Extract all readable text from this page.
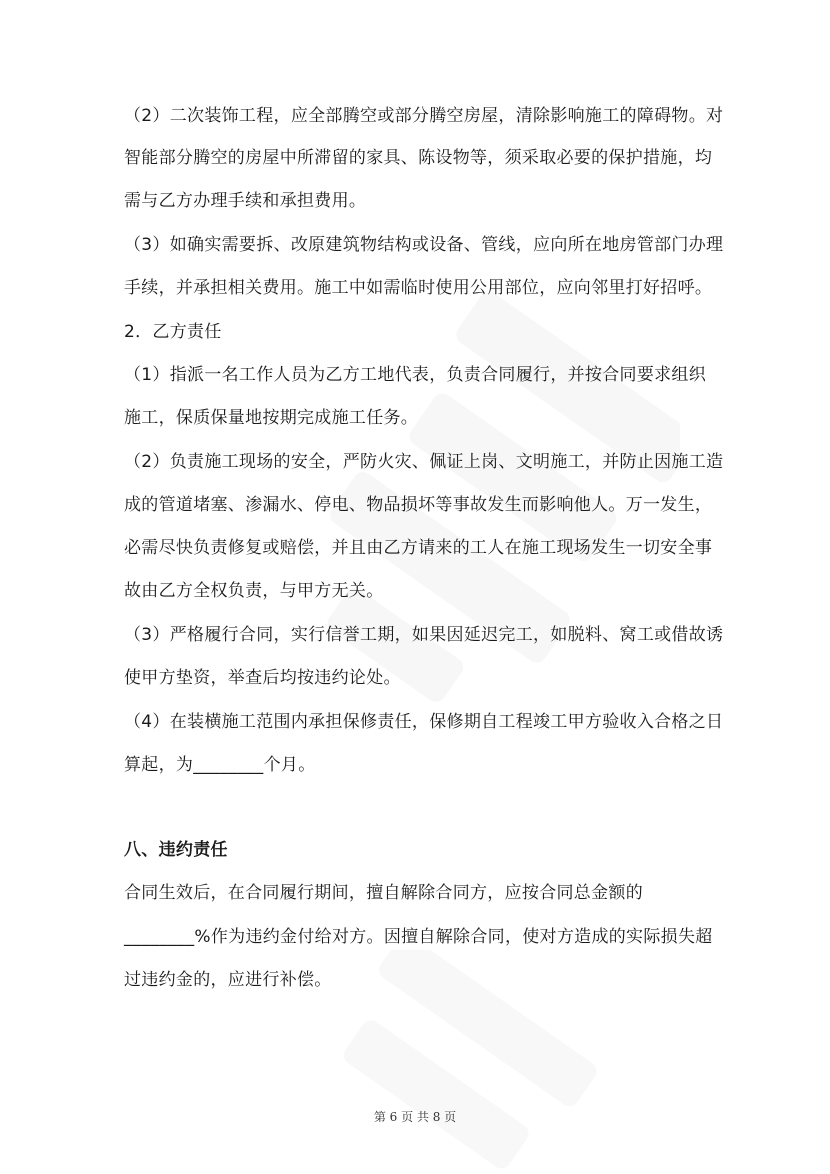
（2）二次装饰工程，应全部腾空或部分腾空房屋，清除影响施工的障碍物。对
智能部分腾空的房屋中所滞留的家具、陈设物等，须采取必要的保护措施，均
需与乙方办理手续和承担费用。
（3）如确实需要拆、改原建筑物结构或设备、管线，应向所在地房管部门办理
手续，并承担相关费用。施工中如需临时使用公用部位，应向邻里打好招呼。
2．乙方责任
（1）指派一名工作人员为乙方工地代表，负责合同履行，并按合同要求组织
施工，保质保量地按期完成施工任务。
（2）负责施工现场的安全，严防火灾、佩证上岗、文明施工，并防止因施工造
成的管道堵塞、渗漏水、停电、物品损坏等事故发生而影响他人。万一发生，
必需尽快负责修复或赔偿，并且由乙方请来的工人在施工现场发生一切安全事
故由乙方全权负责，与甲方无关。
（3）严格履行合同，实行信誉工期，如果因延迟完工，如脱料、窝工或借故诱
使甲方垫资，举查后均按违约论处。
（4）在装横施工范围内承担保修责任，保修期自工程竣工甲方验收入合格之日
算起，为________个月。
八、违约责任
合同生效后，在合同履行期间，擅自解除合同方，应按合同总金额的
________%作为违约金付给对方。因擅自解除合同，使对方造成的实际损失超
过违约金的，应进行补偿。
第 6 页 共 8 页
